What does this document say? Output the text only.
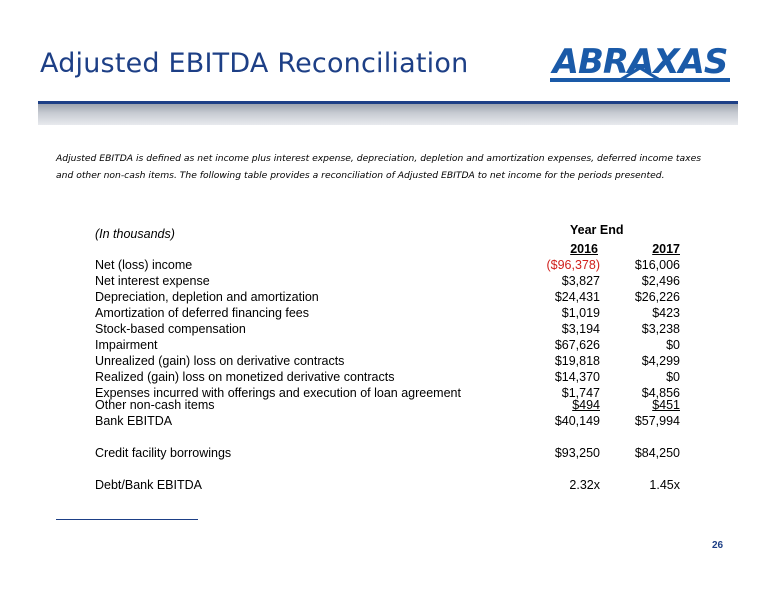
Adjusted EBITDA Reconciliation ABRAXAS
Adjusted EBITDA is defined as net income plus interest expense, depreciation, depletion and amortization expenses, deferred income taxes and other non-cash items. The following table provides a reconciliation of Adjusted EBITDA to net income for the periods presented.
(In thousands)	Year End
2016	2017
Net (loss) income	($96,378)	$16,006
Net interest expense	$3,827	$2,496
Depreciation, depletion and amortization	$24,431	$26,226
Amortization of deferred financing fees	$1,019	$423
Stock-based compensation	$3,194	$3,238
Impairment	$67,626	$0
Unrealized (gain) loss on derivative contracts	$19,818	$4,299
Realized (gain) loss on monetized derivative contracts	$14,370	$0
Expenses incurred with offerings and execution of loan agreement	$1,747	$4,856
Other non-cash items	$494	$451
Bank EBITDA	$40,149	$57,994
Credit facility borrowings	$93,250	$84,250
Debt/Bank EBITDA	2.32x	1.45x
26
